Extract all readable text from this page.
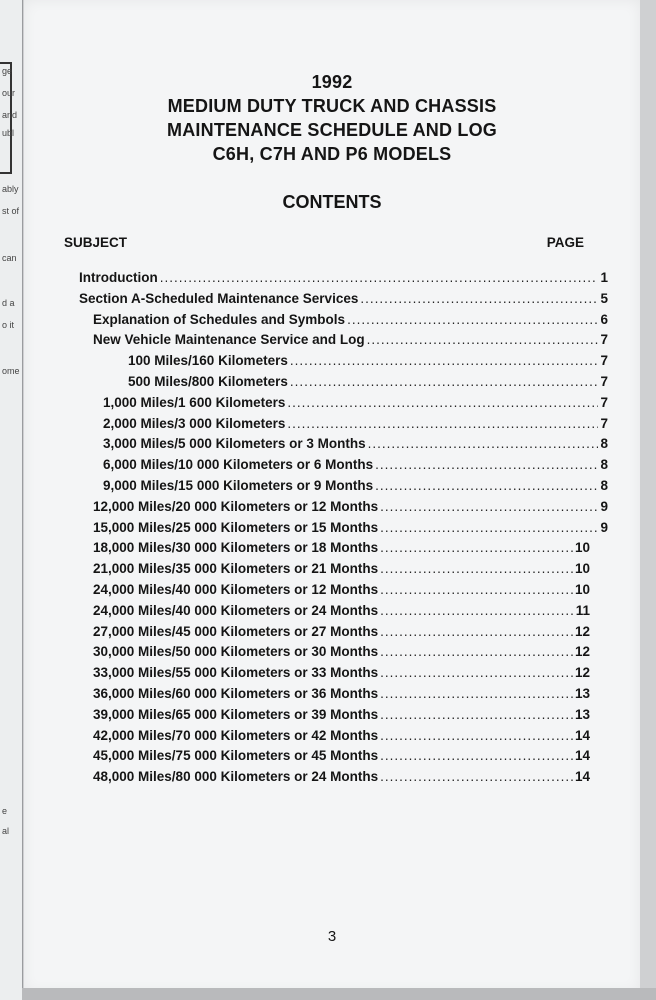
ge
our
and
ubl
ably
st of
can
d a
o it
ome
e
al
1992
MEDIUM DUTY TRUCK AND CHASSIS
MAINTENANCE SCHEDULE AND LOG
C6H, C7H AND P6 MODELS
CONTENTS
SUBJECT	PAGE
Introduction .....	1
Section A-Scheduled Maintenance Services .....	5
Explanation of Schedules and Symbols .....	6
New Vehicle Maintenance Service and Log .....	7
100 Miles/160 Kilometers .....	7
500 Miles/800 Kilometers .....	7
1,000 Miles/1 600 Kilometers .....	7
2,000 Miles/3 000 Kilometers .....	7
3,000 Miles/5 000 Kilometers or 3 Months .....	8
6,000 Miles/10 000 Kilometers or 6 Months .....	8
9,000 Miles/15 000 Kilometers or 9 Months .....	8
12,000 Miles/20 000 Kilometers or 12 Months .....	9
15,000 Miles/25 000 Kilometers or 15 Months .....	9
18,000 Miles/30 000 Kilometers or 18 Months .....	10
21,000 Miles/35 000 Kilometers or 21 Months .....	10
24,000 Miles/40 000 Kilometers or 12 Months .....	10
24,000 Miles/40 000 Kilometers or 24 Months .....	11
27,000 Miles/45 000 Kilometers or 27 Months .....	12
30,000 Miles/50 000 Kilometers or 30 Months .....	12
33,000 Miles/55 000 Kilometers or 33 Months .....	12
36,000 Miles/60 000 Kilometers or 36 Months .....	13
39,000 Miles/65 000 Kilometers or 39 Months .....	13
42,000 Miles/70 000 Kilometers or 42 Months .....	14
45,000 Miles/75 000 Kilometers or 45 Months .....	14
48,000 Miles/80 000 Kilometers or 24 Months .....	14
3
